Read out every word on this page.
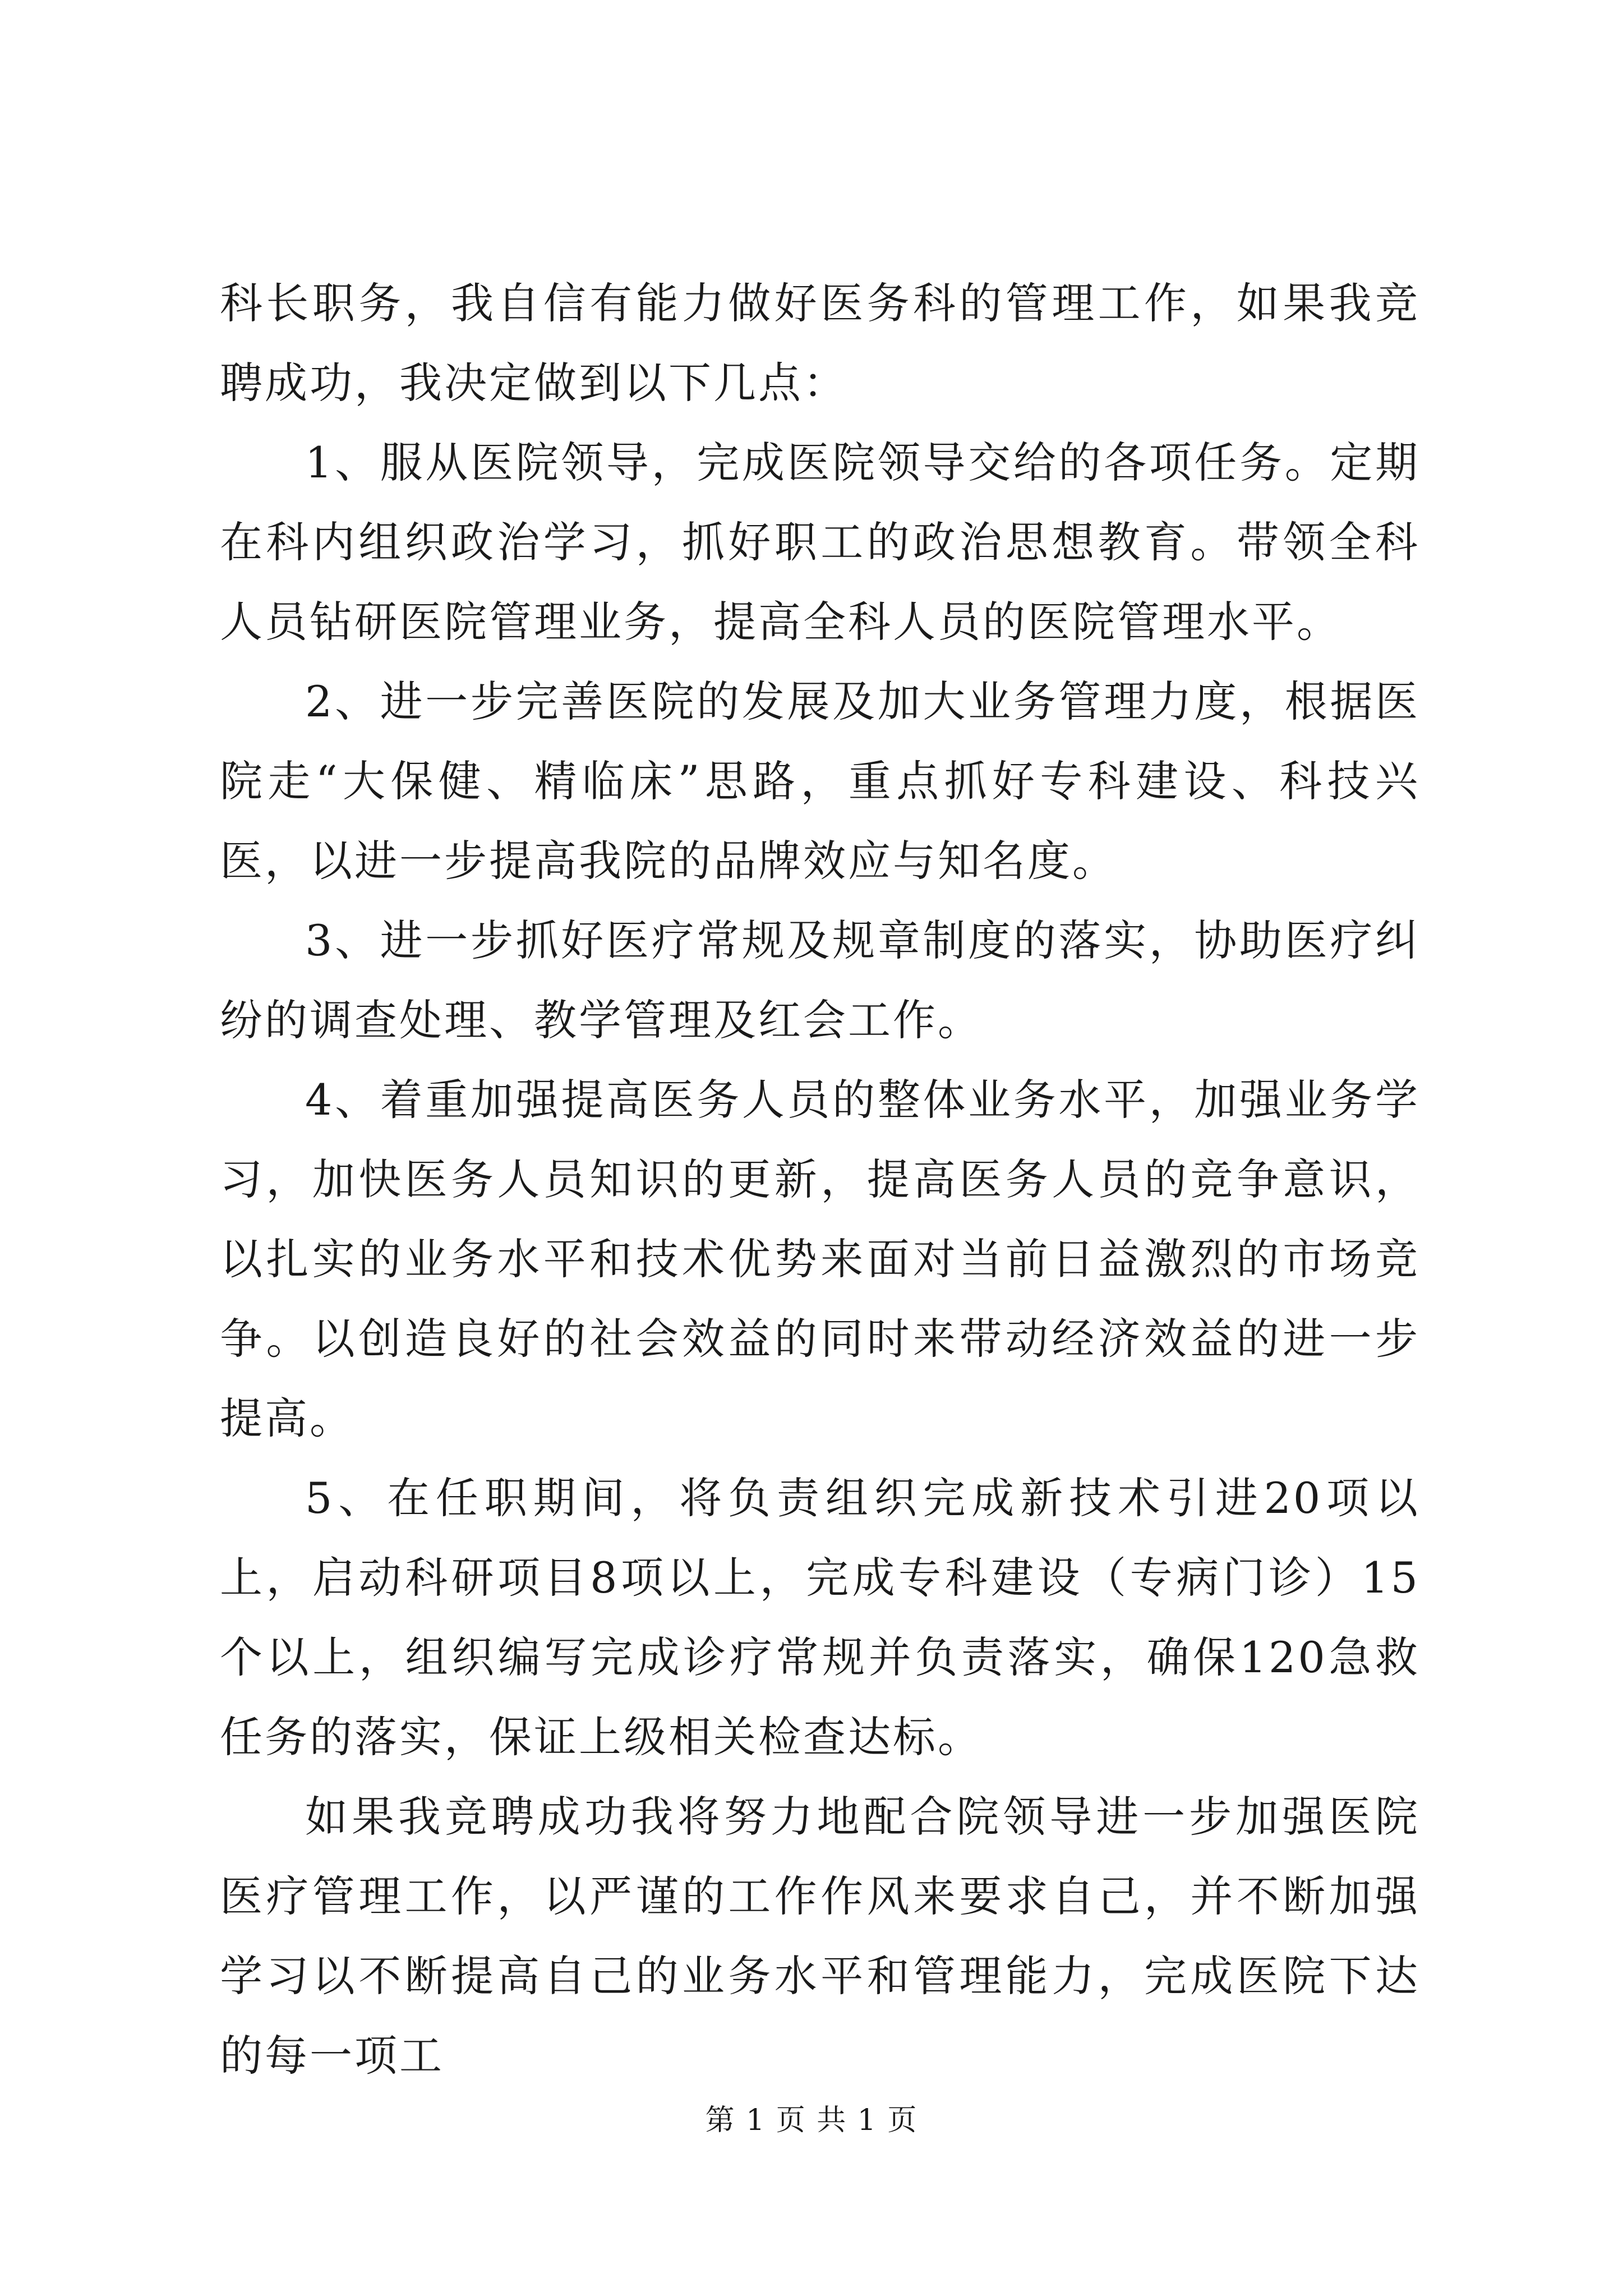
科长职务，我自信有能力做好医务科的管理工作，如果我竞聘成功，我决定做到以下几点：

1、服从医院领导，完成医院领导交给的各项任务。定期在科内组织政治学习，抓好职工的政治思想教育。带领全科人员钻研医院管理业务，提高全科人员的医院管理水平。

2、进一步完善医院的发展及加大业务管理力度，根据医院走“大保健、精临床”思路，重点抓好专科建设、科技兴医，以进一步提高我院的品牌效应与知名度。

3、进一步抓好医疗常规及规章制度的落实，协助医疗纠纷的调查处理、教学管理及红会工作。

4、着重加强提高医务人员的整体业务水平，加强业务学习，加快医务人员知识的更新，提高医务人员的竞争意识，以扎实的业务水平和技术优势来面对当前日益激烈的市场竞争。以创造良好的社会效益的同时来带动经济效益的进一步提高。

5、在任职期间，将负责组织完成新技术引进20项以上，启动科研项目8项以上，完成专科建设（专病门诊）15个以上，组织编写完成诊疗常规并负责落实，确保120急救任务的落实，保证上级相关检查达标。

如果我竞聘成功我将努力地配合院领导进一步加强医院医疗管理工作，以严谨的工作作风来要求自己，并不断加强学习以不断提高自己的业务水平和管理能力，完成医院下达的每一项工

第 1 页 共 1 页
